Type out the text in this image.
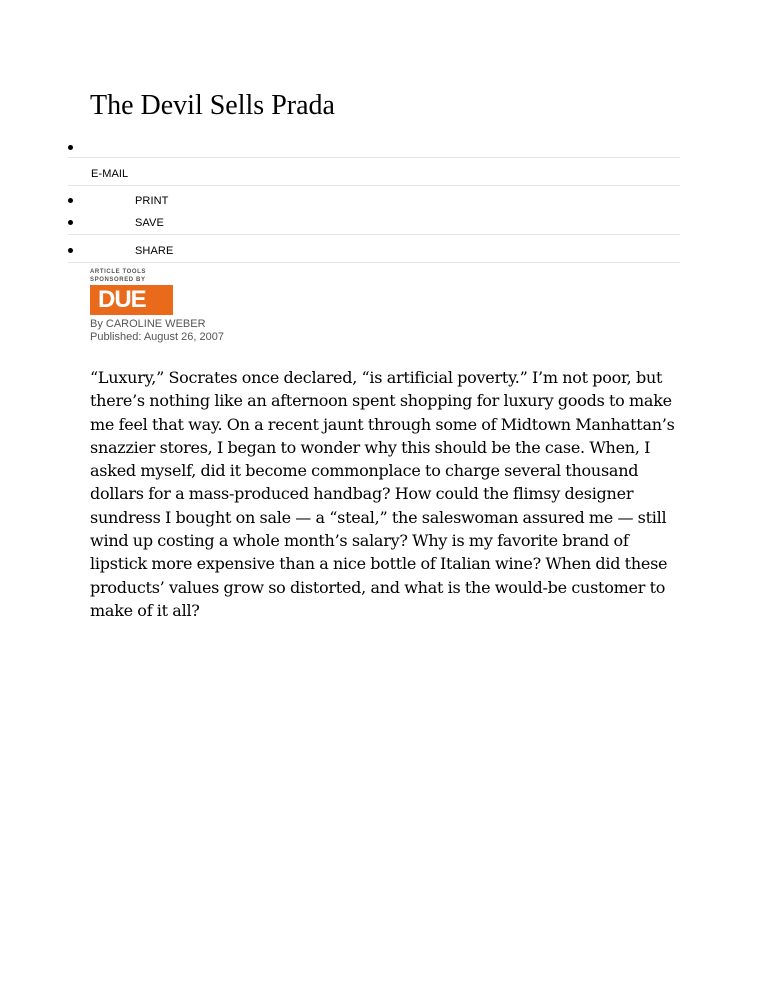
The Devil Sells Prada
E-MAIL
PRINT
SAVE
SHARE
ARTICLE TOOLS SPONSORED BY
DUE
By CAROLINE WEBER
Published: August 26, 2007

“Luxury,” Socrates once declared, “is artificial poverty.” I’m not poor, but there’s nothing like an afternoon spent shopping for luxury goods to make me feel that way. On a recent jaunt through some of Midtown Manhattan’s snazzier stores, I began to wonder why this should be the case. When, I asked myself, did it become commonplace to charge several thousand dollars for a mass-produced handbag? How could the flimsy designer sundress I bought on sale — a “steal,” the saleswoman assured me — still wind up costing a whole month’s salary? Why is my favorite brand of lipstick more expensive than a nice bottle of Italian wine? When did these products’ values grow so distorted, and what is the would-be customer to make of it all?
